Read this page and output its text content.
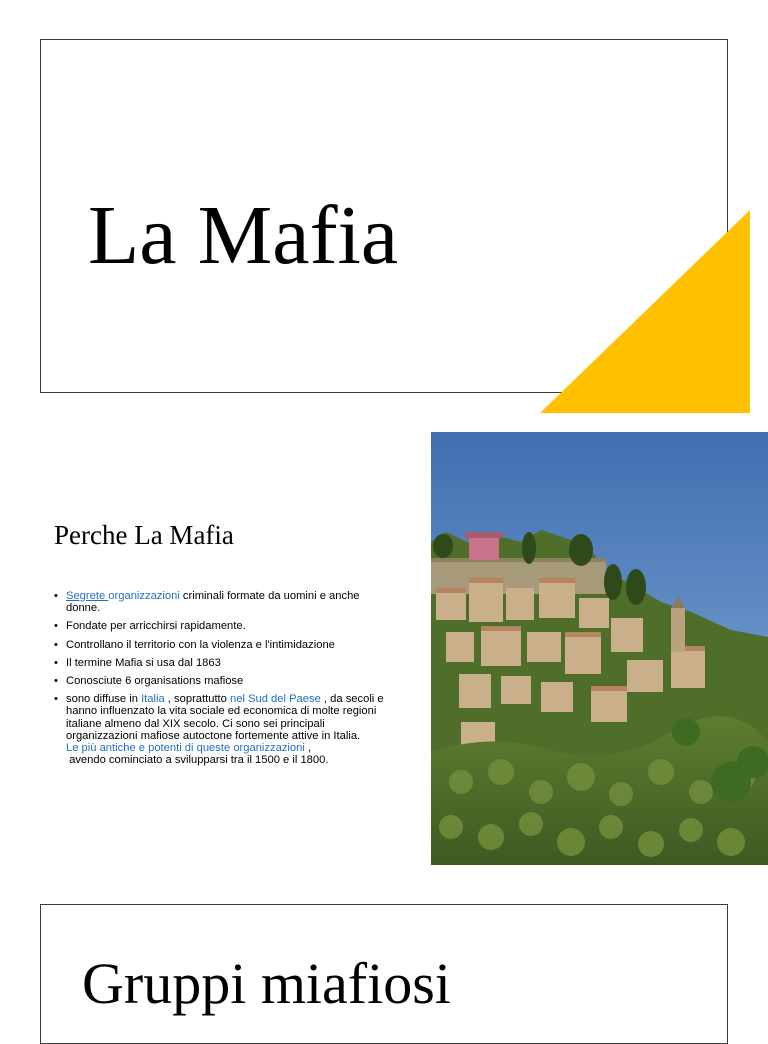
La Mafia
Perche La Mafia
• Segrete organizzazioni criminali formate da uomini e anche donne.
• Fondate per arricchirsi rapidamente.
• Controllano il territorio con la violenza e l'intimidazione
• Il termine Mafia si usa dal 1863
• Conosciute 6 organisations mafiose
• sono diffuse in Italia , soprattutto nel Sud del Paese , da secoli e hanno influenzato la vita sociale ed economica di molte regioni italiane almeno dal XIX secolo. Ci sono sei principali organizzazioni mafiose autoctone fortemente attive in Italia.
Le più antiche e potenti di queste organizzazioni ,
avendo cominciato a svilupparsi tra il 1500 e il 1800.
Gruppi miafiosi
